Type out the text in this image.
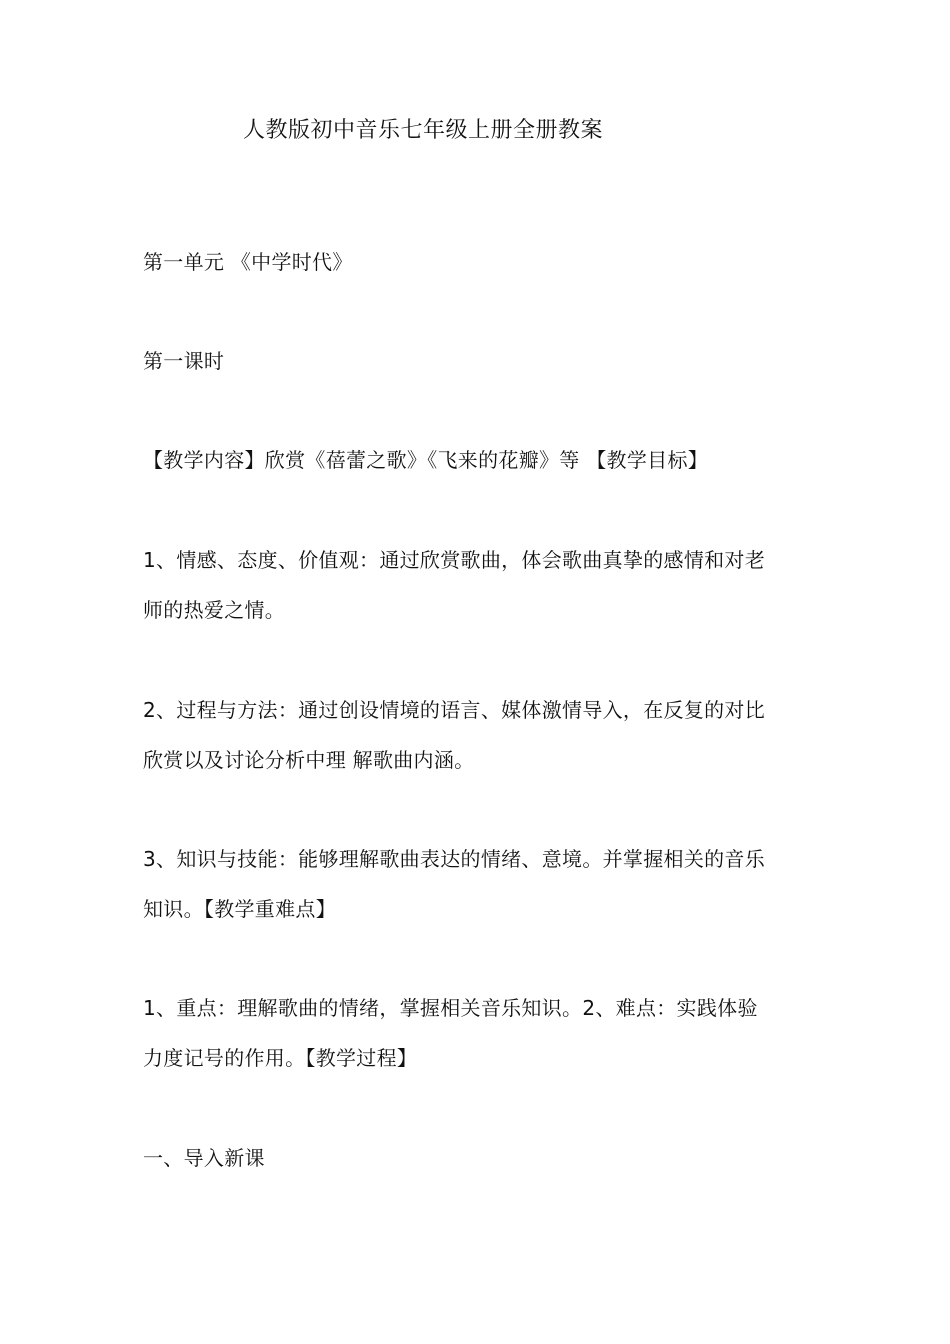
人教版初中音乐七年级上册全册教案
第一单元 《中学时代》
第一课时
【教学内容】欣赏《蓓蕾之歌》《飞来的花瓣》等 【教学目标】
1、情感、态度、价值观：通过欣赏歌曲，体会歌曲真挚的感情和对老
师的热爱之情。
2、过程与方法：通过创设情境的语言、媒体激情导入，在反复的对比
欣赏以及讨论分析中理 解歌曲内涵。
3、知识与技能：能够理解歌曲表达的情绪、意境。并掌握相关的音乐
知识。【教学重难点】
1、重点：理解歌曲的情绪，掌握相关音乐知识。2、难点：实践体验
力度记号的作用。【教学过程】
一、导入新课
